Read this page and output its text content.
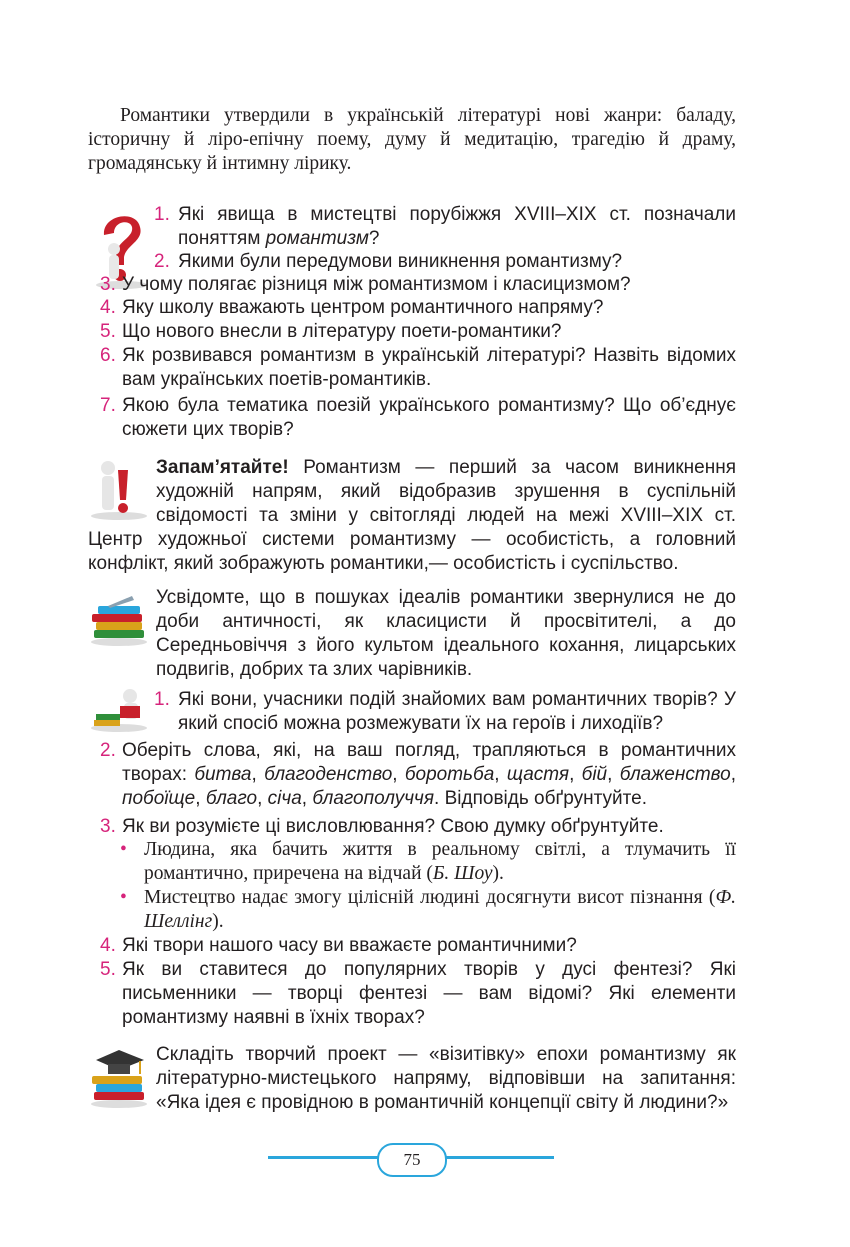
Романтики утвердили в українській літературі нові жанри: баладу, історичну й ліро-епічну поему, думу й медитацію, трагедію й драму, громадянську й інтимну лірику.

1. Які явища в мистецтві порубіжжя XVIII–XIX ст. позначали поняттям романтизм?
2. Якими були передумови виникнення романтизму?
3. У чому полягає різниця між романтизмом і класицизмом?
4. Яку школу вважають центром романтичного напряму?
5. Що нового внесли в літературу поети-романтики?
6. Як розвивався романтизм в українській літературі? Назвіть відомих вам українських поетів-романтиків.
7. Якою була тематика поезій українського романтизму? Що об’єднує сюжети цих творів?
Запам’ятайте! Романтизм — перший за часом виникнення художній напрям, який відобразив зрушення в суспільній свідомості та зміни у світогляді людей на межі XVIII–XIX ст. Центр художньої системи романтизму — особистість, а головний конфлікт, який зображують романтики,— особистість і суспільство.
Усвідомте, що в пошуках ідеалів романтики звернулися не до доби античності, як класицисти й просвітителі, а до Середньовіччя з його культом ідеального кохання, лицарських подвигів, добрих та злих чарівників.
1. Які вони, учасники подій знайомих вам романтичних творів? У який спосіб можна розмежувати їх на героїв і лиходіїв?
2. Оберіть слова, які, на ваш погляд, трапляються в романтичних творах: битва, благоденство, боротьба, щастя, бій, блаженство, побоїще, благо, січа, благополуччя. Відповідь обґрунтуйте.
3. Як ви розумієте ці висловлювання? Свою думку обґрунтуйте.
• Людина, яка бачить життя в реальному світлі, а тлумачить її романтично, приречена на відчай (Б. Шоу).
• Мистецтво надає змогу цілісній людині досягнути висот пізнання (Ф. Шеллінг).
4. Які твори нашого часу ви вважаєте романтичними?
5. Як ви ставитеся до популярних творів у дусі фентезі? Які письменники — творці фентезі — вам відомі? Які елементи романтизму наявні в їхніх творах?
Складіть творчий проект — «візитівку» епохи романтизму як літературно-мистецького напряму, відповівши на запитання: «Яка ідея є провідною в романтичній концепції світу й людини?»
75
